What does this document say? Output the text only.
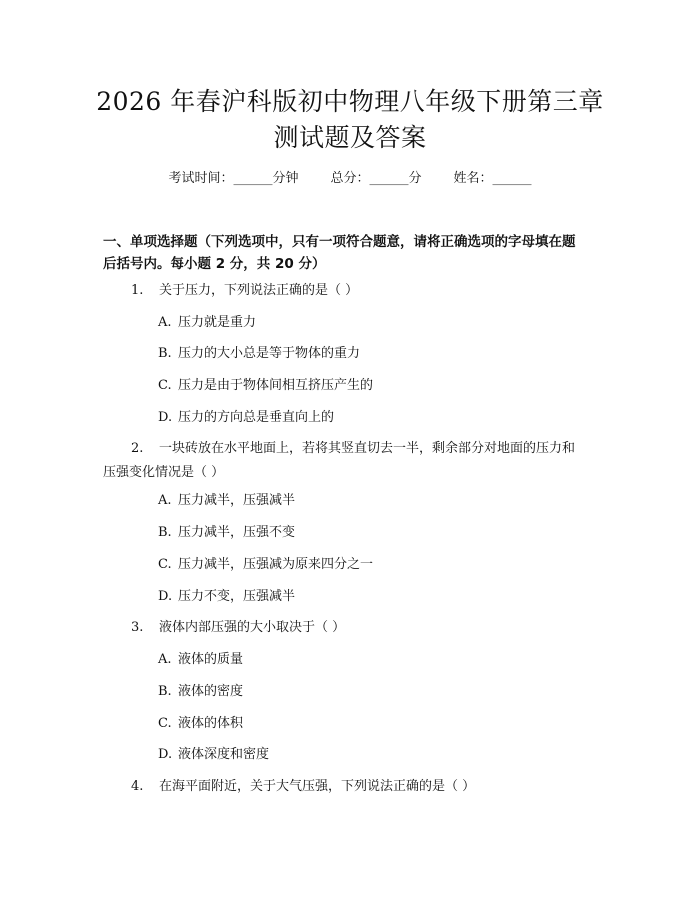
2026 年春沪科版初中物理八年级下册第三章
测试题及答案
考试时间：______分钟 总分：______分 姓名：______
一、单项选择题（下列选项中，只有一项符合题意，请将正确选项的字母填在题
后括号内。每小题 2 分，共 20 分）
1. 关于压力，下列说法正确的是（ ）
A. 压力就是重力
B. 压力的大小总是等于物体的重力
C. 压力是由于物体间相互挤压产生的
D. 压力的方向总是垂直向上的
2. 一块砖放在水平地面上，若将其竖直切去一半，剩余部分对地面的压力和
压强变化情况是（ ）
A. 压力减半，压强减半
B. 压力减半，压强不变
C. 压力减半，压强减为原来四分之一
D. 压力不变，压强减半
3. 液体内部压强的大小取决于（ ）
A. 液体的质量
B. 液体的密度
C. 液体的体积
D. 液体深度和密度
4. 在海平面附近，关于大气压强，下列说法正确的是（ ）
